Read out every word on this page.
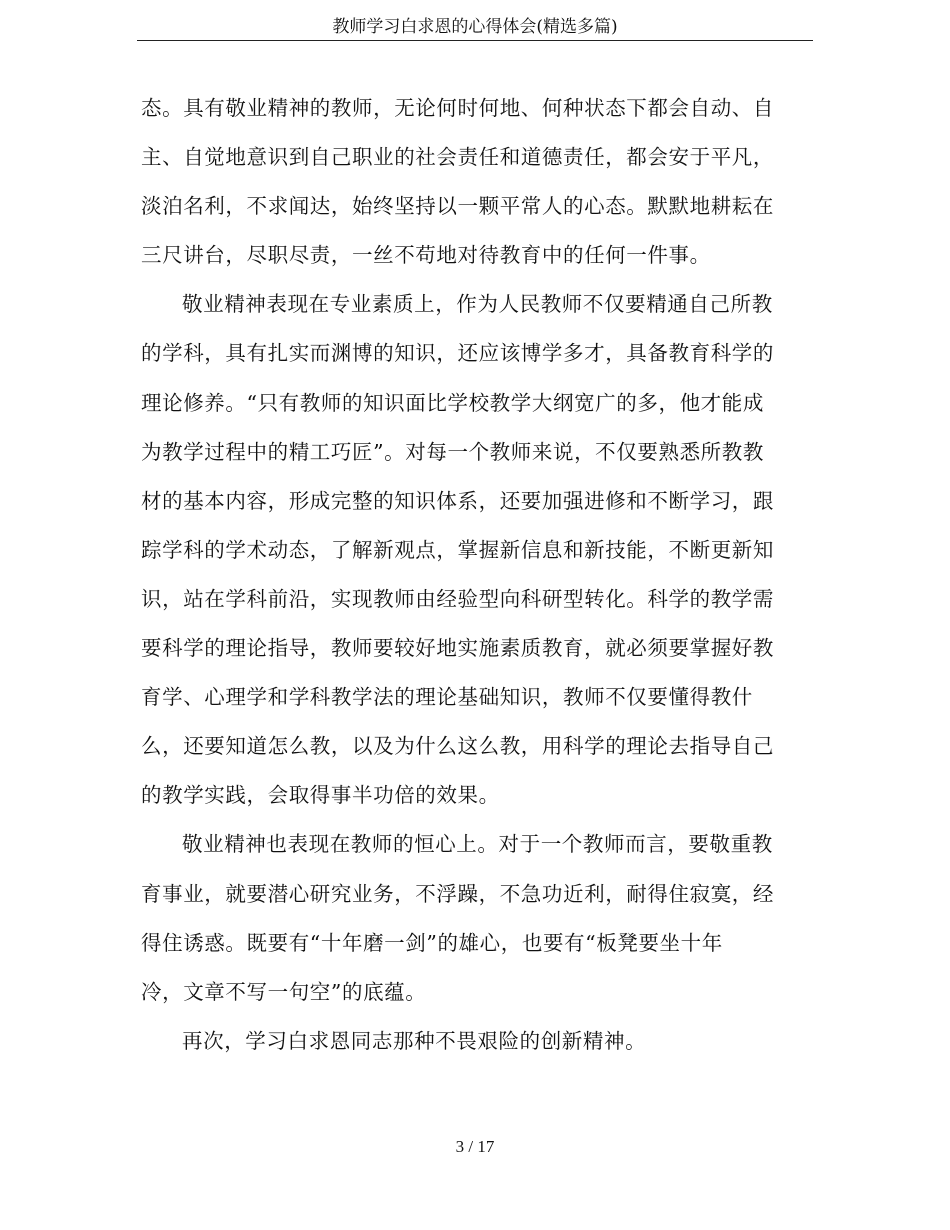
教师学习白求恩的心得体会(精选多篇)
态。具有敬业精神的教师，无论何时何地、何种状态下都会自动、自
主、自觉地意识到自己职业的社会责任和道德责任，都会安于平凡，
淡泊名利，不求闻达，始终坚持以一颗平常人的心态。默默地耕耘在
三尺讲台，尽职尽责，一丝不苟地对待教育中的任何一件事。
敬业精神表现在专业素质上，作为人民教师不仅要精通自己所教
的学科，具有扎实而渊博的知识，还应该博学多才，具备教育科学的
理论修养。“只有教师的知识面比学校教学大纲宽广的多，他才能成
为教学过程中的精工巧匠”。对每一个教师来说，不仅要熟悉所教教
材的基本内容，形成完整的知识体系，还要加强进修和不断学习，跟
踪学科的学术动态，了解新观点，掌握新信息和新技能，不断更新知
识，站在学科前沿，实现教师由经验型向科研型转化。科学的教学需
要科学的理论指导，教师要较好地实施素质教育，就必须要掌握好教
育学、心理学和学科教学法的理论基础知识，教师不仅要懂得教什
么，还要知道怎么教，以及为什么这么教，用科学的理论去指导自己
的教学实践，会取得事半功倍的效果。
敬业精神也表现在教师的恒心上。对于一个教师而言，要敬重教
育事业，就要潜心研究业务，不浮躁，不急功近利，耐得住寂寞，经
得住诱惑。既要有“十年磨一剑”的雄心，也要有“板凳要坐十年
冷，文章不写一句空”的底蕴。
再次，学习白求恩同志那种不畏艰险的创新精神。
3 / 17
